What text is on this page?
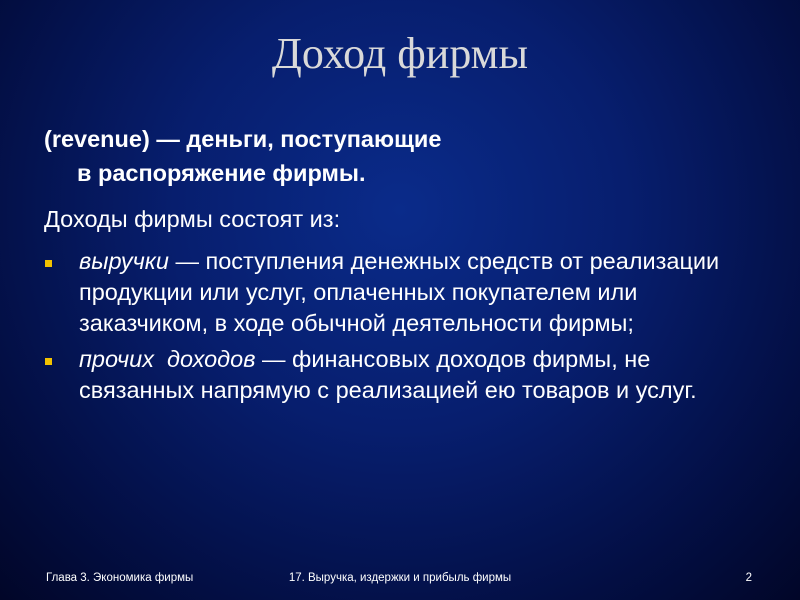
Доход фирмы
(revenue) — деньги, поступающие
в распоряжение фирмы.
Доходы фирмы состоят из:
выручки — поступления денежных средств от реализации продукции или услуг, оплаченных покупателем или заказчиком, в ходе обычной деятельности фирмы;
прочих  доходов — финансовых доходов фирмы, не связанных напрямую с реализацией ею товаров и услуг.
Глава 3. Экономика фирмы	17. Выручка, издержки и прибыль фирмы	2
